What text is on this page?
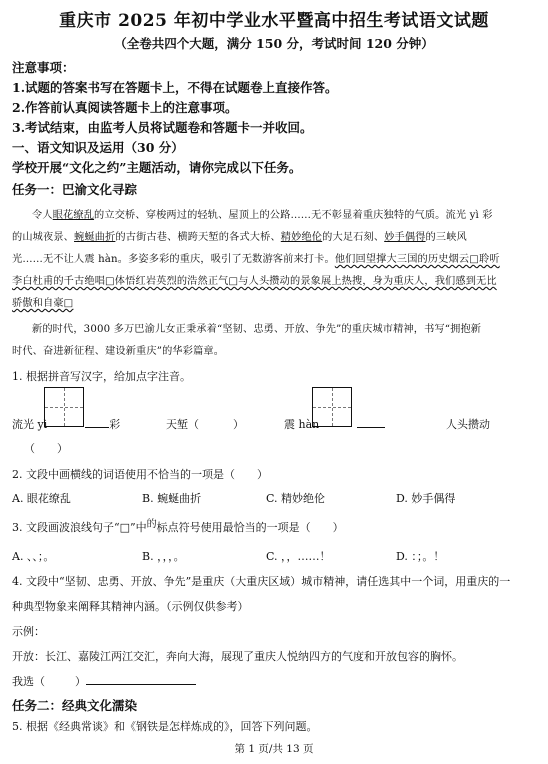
重庆市 2025 年初中学业水平暨高中招生考试语文试题
（全卷共四个大题，满分 150 分，考试时间 120 分钟）
注意事项：
1.试题的答案书写在答题卡上，不得在试题卷上直接作答。
2.作答前认真阅读答题卡上的注意事项。
3.考试结束，由监考人员将试题卷和答题卡一并收回。
一、语文知识及运用（30 分）
学校开展“文化之约”主题活动，请你完成以下任务。
任务一：巴渝文化寻踪
令人眼花缭乱的立交桥、穿梭两过的轻轨、屋顶上的公路……无不彰显着重庆独特的气质。流光 yì 彩
的山城夜景、蜿蜒曲折的古街古巷、横跨天堑的各式大桥、精妙绝伦的大足石刻、妙手偶得的三峡风
光……无不让人震 hàn。多姿多彩的重庆，吸引了无数游客前来打卡。他们回望撑大三国的历史烟云□聆听
李白杜甫的千古绝唱□体悟红岩英烈的浩然正气□与人头攒动的景象展上热搜，身为重庆人，我们感到无比
骄傲和自豪□
新的时代，3000 多万巴渝儿女正秉承着“坚韧、忠勇、开放、争先”的重庆城市精神，书写“拥抱新
时代、奋进新征程、建设新重庆”的华彩篇章。
1. 根据拼音写汉字，给加点字注音。
流光 yì	彩	天堑（	）	震 hàn	人头攒动
（ ）
2. 文段中画横线的词语使用不恰当的一项是（　　）
A. 眼花缭乱	B. 蜿蜒曲折	C. 精妙绝伦	D. 妙手偶得
3. 文段画波浪线句子“□”中的标点符号使用最恰当的一项是（　　）
A. 、、；。	B. ，，，。	C. ，，……！	D. ：；。！
4. 文段中“坚韧、忠勇、开放、争先”是重庆（大重庆区域）城市精神，请任选其中一个词，用重庆的一
种典型物象来阐释其精神内涵。（示例仅供参考）
示例：
开放：长江、嘉陵江两江交汇，奔向大海，展现了重庆人悦纳四方的气度和开放包容的胸怀。
我选（	）
任务二：经典文化濡染
5. 根据《经典常谈》和《钢铁是怎样炼成的》，回答下列问题。
第 1 页/共 13 页
